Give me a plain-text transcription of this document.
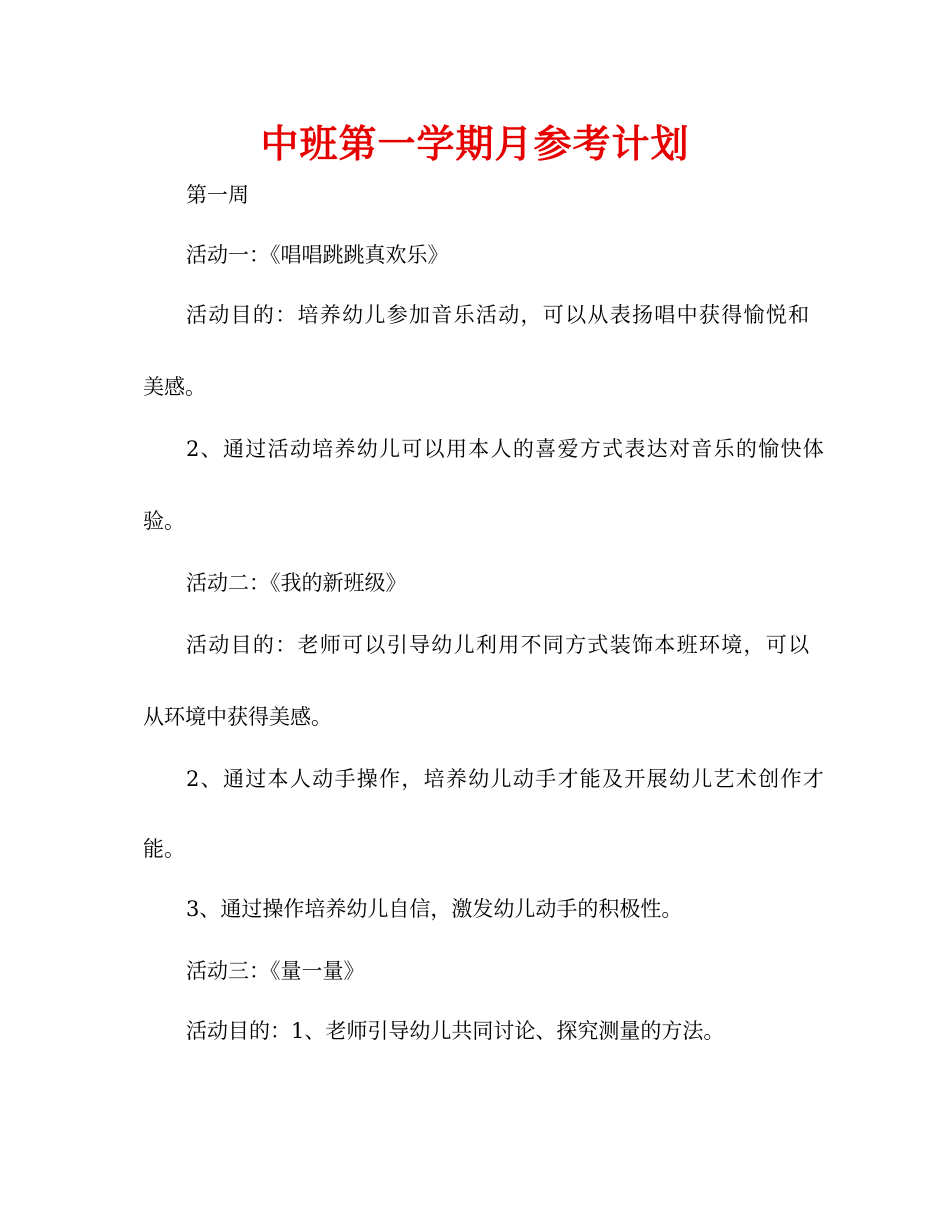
中班第一学期月参考计划
第一周
活动一：《唱唱跳跳真欢乐》
活动目的：培养幼儿参加音乐活动，可以从表扬唱中获得愉悦和
美感。
2、通过活动培养幼儿可以用本人的喜爱方式表达对音乐的愉快体
验。
活动二：《我的新班级》
活动目的：老师可以引导幼儿利用不同方式装饰本班环境，可以
从环境中获得美感。
2、通过本人动手操作，培养幼儿动手才能及开展幼儿艺术创作才
能。
3、通过操作培养幼儿自信，激发幼儿动手的积极性。
活动三：《量一量》
活动目的：1、老师引导幼儿共同讨论、探究测量的方法。
